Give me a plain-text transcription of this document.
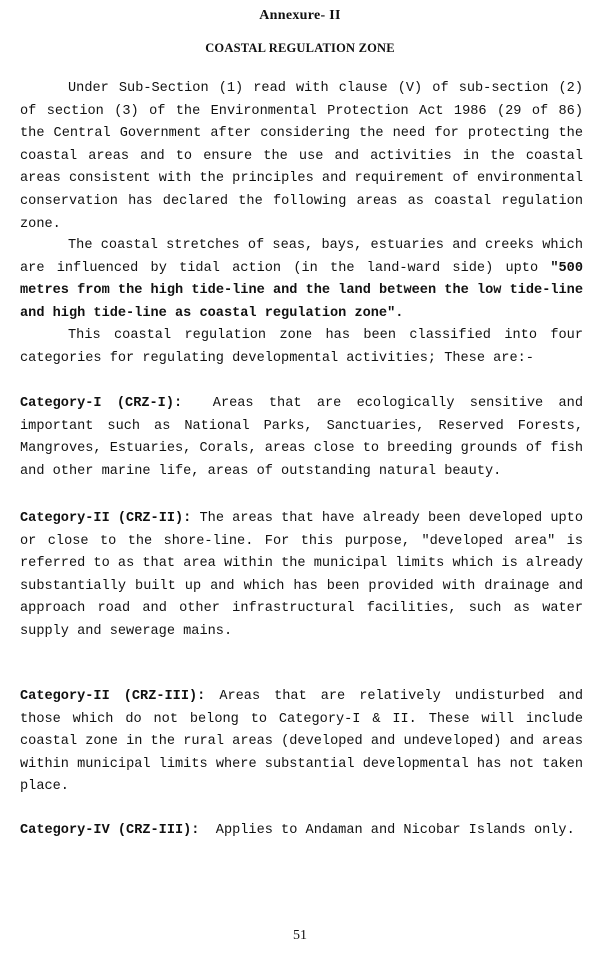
Annexure- II
COASTAL REGULATION ZONE

Under Sub-Section (1) read with clause (V) of sub-section (2) of section (3) of the Environmental Protection Act 1986 (29 of 86) the Central Government after considering the need for protecting the coastal areas and to ensure the use and activities in the coastal areas consistent with the principles and requirement of environmental conservation has declared the following areas as coastal regulation zone.

The coastal stretches of seas, bays, estuaries and creeks which are influenced by tidal action (in the land-ward side) upto "500 metres from the high tide-line and the land between the low tide-line and high tide-line as coastal regulation zone".

This coastal regulation zone has been classified into four categories for regulating developmental activities; These are:-

Category-I (CRZ-I): Areas that are ecologically sensitive and important such as National Parks, Sanctuaries, Reserved Forests, Mangroves, Estuaries, Corals, areas close to breeding grounds of fish and other marine life, areas of outstanding natural beauty.

Category-II (CRZ-II): The areas that have already been developed upto or close to the shore-line. For this purpose, "developed area" is referred to as that area within the municipal limits which is already substantially built up and which has been provided with drainage and approach road and other infrastructural facilities, such as water supply and sewerage mains.

Category-II (CRZ-III): Areas that are relatively undisturbed and those which do not belong to Category-I & II. These will include coastal zone in the rural areas (developed and undeveloped) and areas within municipal limits where substantial developmental has not taken place.

Category-IV (CRZ-III): Applies to Andaman and Nicobar Islands only.

51
